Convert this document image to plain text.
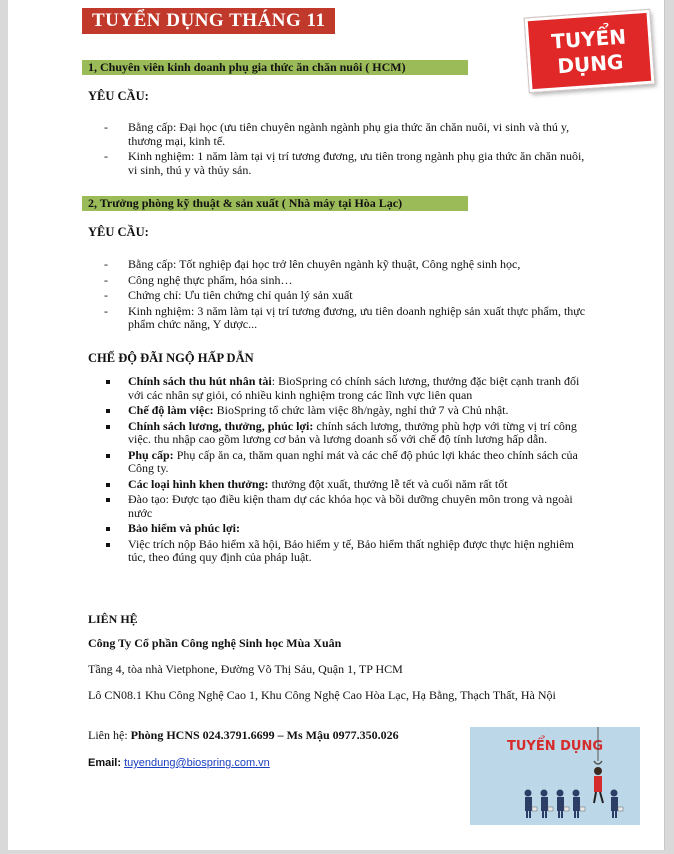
TUYỂN DỤNG THÁNG 11
TUYỂN
DỤNG
1, Chuyên viên kinh doanh phụ gia thức ăn chăn nuôi ( HCM)
YÊU CẦU:
- Bằng cấp: Đại học (ưu tiên chuyên ngành ngành phụ gia thức ăn chăn nuôi, vi sinh và thú y, thương mại, kinh tế.
- Kinh nghiệm: 1 năm làm tại vị trí tương đương, ưu tiên trong ngành phụ gia thức ăn chăn nuôi, vi sinh, thú y và thủy sản.
2, Trưởng phòng kỹ thuật & sản xuất ( Nhà máy tại Hòa Lạc)
YÊU CẦU:
- Bằng cấp: Tốt nghiệp đại học trở lên chuyên ngành kỹ thuật, Công nghệ sinh học,
- Công nghệ thực phẩm, hóa sinh…
- Chứng chỉ: Ưu tiên chứng chỉ quản lý sản xuất
- Kinh nghiệm: 3 năm làm tại vị trí tương đương, ưu tiên doanh nghiệp sản xuất thực phẩm, thực phẩm chức năng, Y dược...
CHẾ ĐỘ ĐÃI NGỘ HẤP DẪN
Chính sách thu hút nhân tài: BioSpring có chính sách lương, thưởng đặc biệt cạnh tranh đối với các nhân sự giỏi, có nhiều kinh nghiệm trong các lĩnh vực liên quan
Chế độ làm việc: BioSpring tổ chức làm việc 8h/ngày, nghỉ thứ 7 và Chủ nhật.
Chính sách lương, thưởng, phúc lợi: chính sách lương, thưởng phù hợp với từng vị trí công việc. thu nhập cao gồm lương cơ bản và lương doanh số với chế độ tính lương hấp dẫn.
Phụ cấp: Phụ cấp ăn ca, thăm quan nghỉ mát và các chế độ phúc lợi khác theo chính sách của Công ty.
Các loại hình khen thưởng: thưởng đột xuất, thưởng lễ tết và cuối năm rất tốt
Đào tạo: Được tạo điều kiện tham dự các khóa học và bồi dưỡng chuyên môn trong và ngoài nước
Bảo hiểm và phúc lợi:
Việc trích nộp Bảo hiểm xã hội, Bảo hiểm y tế, Bảo hiểm thất nghiệp được thực hiện nghiêm túc, theo đúng quy định của pháp luật.
LIÊN HỆ
Công Ty Cổ phần Công nghệ Sinh học Mùa Xuân
Tầng 4, tòa nhà Vietphone, Đường Võ Thị Sáu, Quận 1, TP HCM
Lô CN08.1 Khu Công Nghệ Cao 1, Khu Công Nghệ Cao Hòa Lạc, Hạ Bằng, Thạch Thất, Hà Nội
Liên hệ: Phòng HCNS 024.3791.6699 – Ms Mậu 0977.350.026
Email: tuyendung@biospring.com.vn
TUYỂN DỤNG
